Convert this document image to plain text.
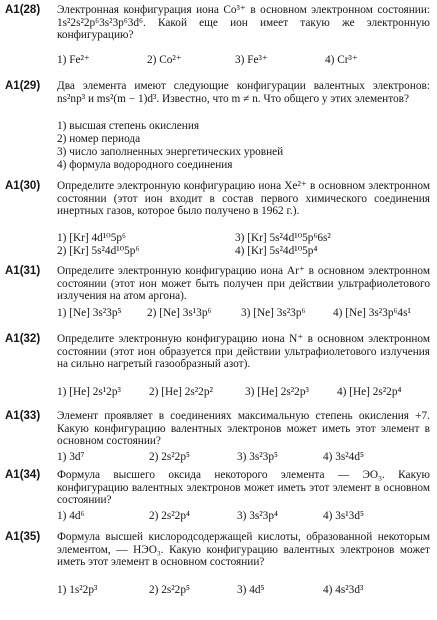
A1(28) Электронная конфигурация иона Co³⁺ в основном электронном состоянии: 1s²2s²2p⁶3s²3p⁶3d⁶. Какой еще ион имеет такую же электронную конфигурацию?
1) Fe²⁺	2) Co²⁺	3) Fe³⁺	4) Cr³⁺
A1(29) Два элемента имеют следующие конфигурации валентных электронов: ns²np³ и ms²(m − 1)d³. Известно, что m ≠ n. Что общего у этих элементов?
1) высшая степень окисления
2) номер периода
3) число заполненных энергетических уровней
4) формула водородного соединения
A1(30) Определите электронную конфигурацию иона Xe²⁺ в основном электронном состоянии (этот ион входит в состав первого химического соединения инертных газов, которое было получено в 1962 г.).
1) [Kr] 4d¹⁰5p⁶	3) [Kr] 5s²4d¹⁰5p⁶6s²
2) [Kr] 5s²4d¹⁰5p⁶	4) [Kr] 5s²4d¹⁰5p⁴
A1(31) Определите электронную конфигурацию иона Ar⁺ в основном электронном состоянии (этот ион может быть получен при действии ультрафиолетового излучения на атом аргона).
1) [Ne] 3s²3p⁵ 2) [Ne] 3s¹3p⁶	3) [Ne] 3s²3p⁶ 4) [Ne] 3s²3p⁶4s¹
A1(32) Определите электронную конфигурацию иона N⁺ в основном электронном состоянии (этот ион образуется при действии ультрафиолетового излучения на сильно нагретый газообразный азот).
1) [He] 2s¹2p³ 2) [He] 2s²2p²	3) [He] 2s²2p³ 4) [He] 2s²2p⁴
A1(33) Элемент проявляет в соединениях максимальную степень окисления +7. Какую конфигурацию валентных электронов может иметь этот элемент в основном состоянии?
1) 3d⁷	2) 2s²2p⁵	3) 3s²3p⁵	4) 3s²4d⁵
A1(34) Формула высшего оксида некоторого элемента — ЭO₃. Какую конфигурацию валентных электронов может иметь этот элемент в основном состоянии?
1) 4d⁶	2) 2s²2p⁴	3) 3s²3p⁴	4) 3s¹3d⁵
A1(35) Формула высшей кислородсодержащей кислоты, образованной некоторым элементом, — HЭO₃. Какую конфигурацию валентных электронов может иметь этот элемент в основном состоянии?
1) 1s²2p³	2) 2s²2p⁵	3) 4d⁵	4) 4s²3d³
